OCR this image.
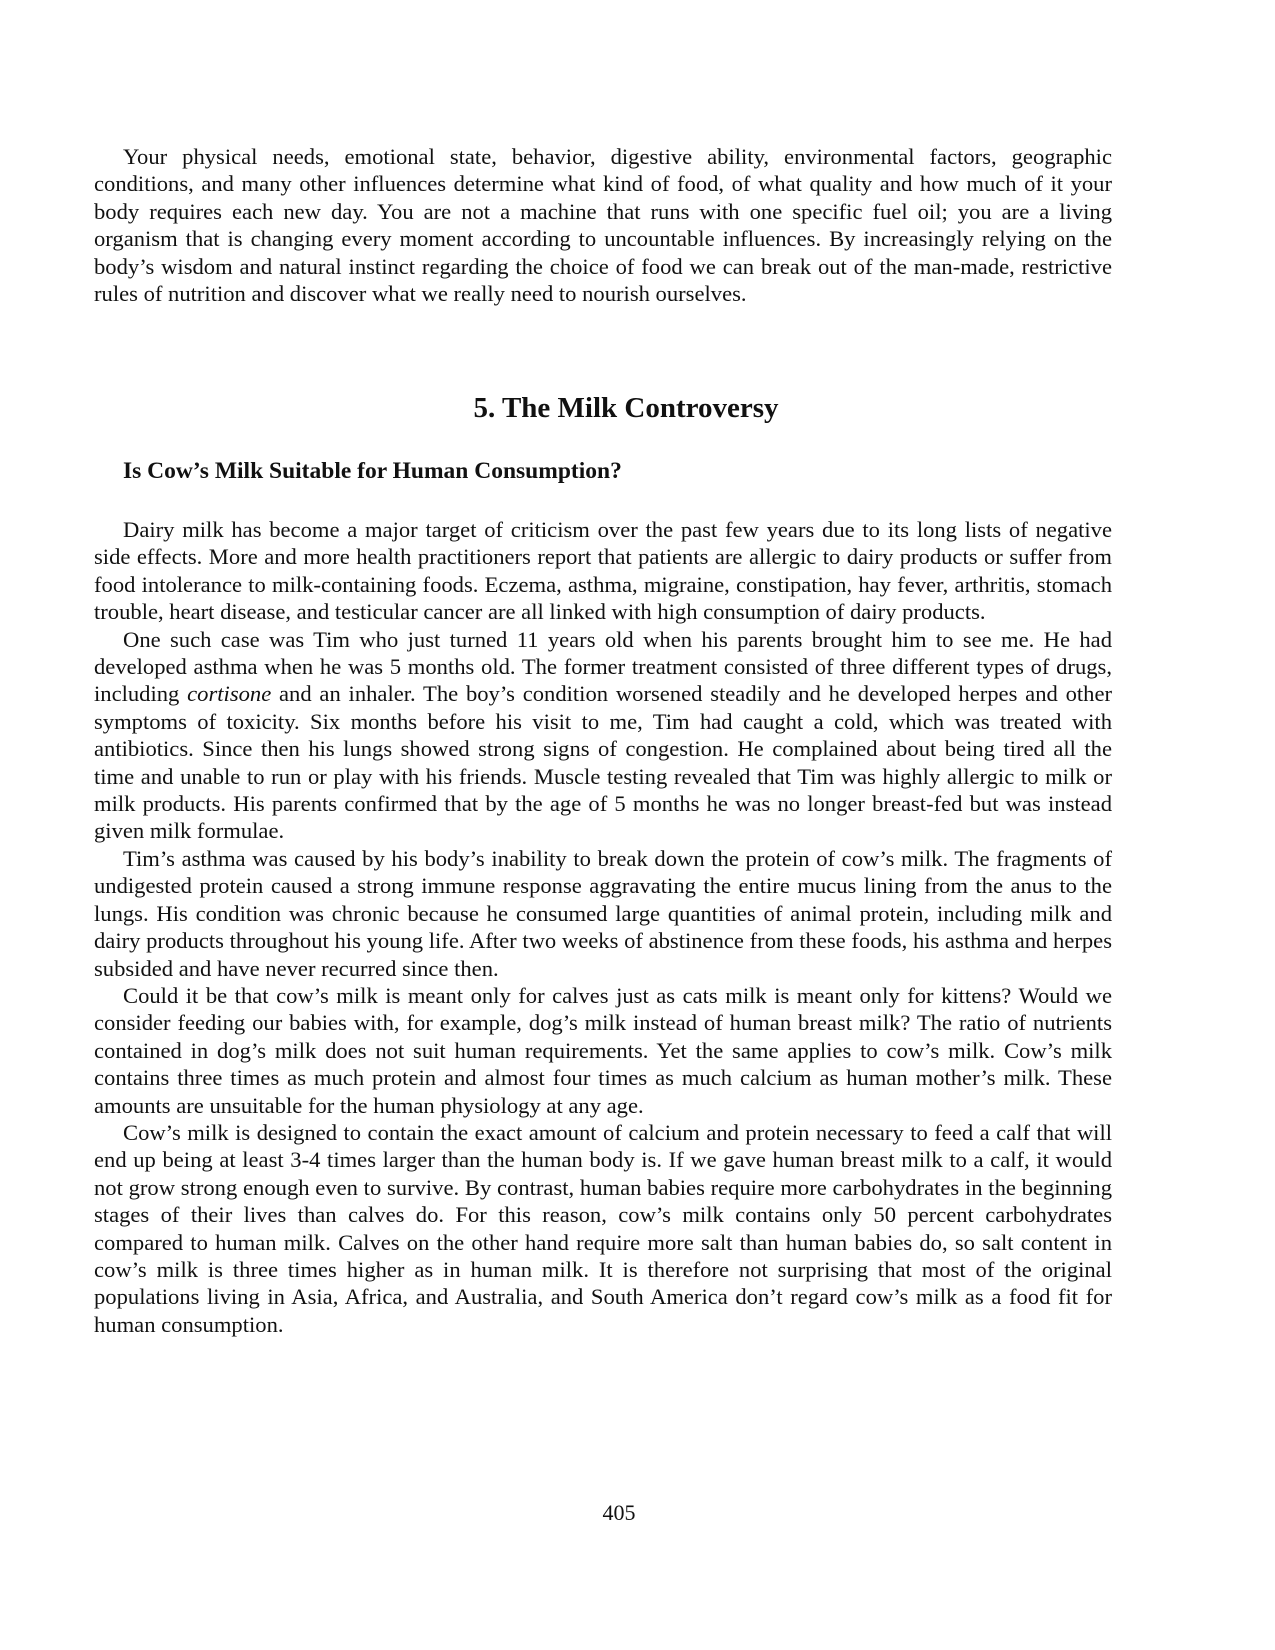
Your physical needs, emotional state, behavior, digestive ability, environmental factors, geographic conditions, and many other influences determine what kind of food, of what quality and how much of it your body requires each new day. You are not a machine that runs with one specific fuel oil; you are a living organism that is changing every moment according to uncountable influences. By increasingly relying on the body’s wisdom and natural instinct regarding the choice of food we can break out of the man-made, restrictive rules of nutrition and discover what we really need to nourish ourselves.

5. The Milk Controversy
Is Cow’s Milk Suitable for Human Consumption?

Dairy milk has become a major target of criticism over the past few years due to its long lists of negative side effects. More and more health practitioners report that patients are allergic to dairy products or suffer from food intolerance to milk-containing foods. Eczema, asthma, migraine, constipation, hay fever, arthritis, stomach trouble, heart disease, and testicular cancer are all linked with high consumption of dairy products.

One such case was Tim who just turned 11 years old when his parents brought him to see me. He had developed asthma when he was 5 months old. The former treatment consisted of three different types of drugs, including cortisone and an inhaler. The boy’s condition worsened steadily and he developed herpes and other symptoms of toxicity. Six months before his visit to me, Tim had caught a cold, which was treated with antibiotics. Since then his lungs showed strong signs of congestion. He complained about being tired all the time and unable to run or play with his friends. Muscle testing revealed that Tim was highly allergic to milk or milk products. His parents confirmed that by the age of 5 months he was no longer breast-fed but was instead given milk formulae.

Tim’s asthma was caused by his body’s inability to break down the protein of cow’s milk. The fragments of undigested protein caused a strong immune response aggravating the entire mucus lining from the anus to the lungs. His condition was chronic because he consumed large quantities of animal protein, including milk and dairy products throughout his young life. After two weeks of abstinence from these foods, his asthma and herpes subsided and have never recurred since then.

Could it be that cow’s milk is meant only for calves just as cats milk is meant only for kittens? Would we consider feeding our babies with, for example, dog’s milk instead of human breast milk? The ratio of nutrients contained in dog’s milk does not suit human requirements. Yet the same applies to cow’s milk. Cow’s milk contains three times as much protein and almost four times as much calcium as human mother’s milk. These amounts are unsuitable for the human physiology at any age.

Cow’s milk is designed to contain the exact amount of calcium and protein necessary to feed a calf that will end up being at least 3-4 times larger than the human body is. If we gave human breast milk to a calf, it would not grow strong enough even to survive. By contrast, human babies require more carbohydrates in the beginning stages of their lives than calves do. For this reason, cow’s milk contains only 50 percent carbohydrates compared to human milk. Calves on the other hand require more salt than human babies do, so salt content in cow’s milk is three times higher as in human milk. It is therefore not surprising that most of the original populations living in Asia, Africa, and Australia, and South America don’t regard cow’s milk as a food fit for human consumption.

405
